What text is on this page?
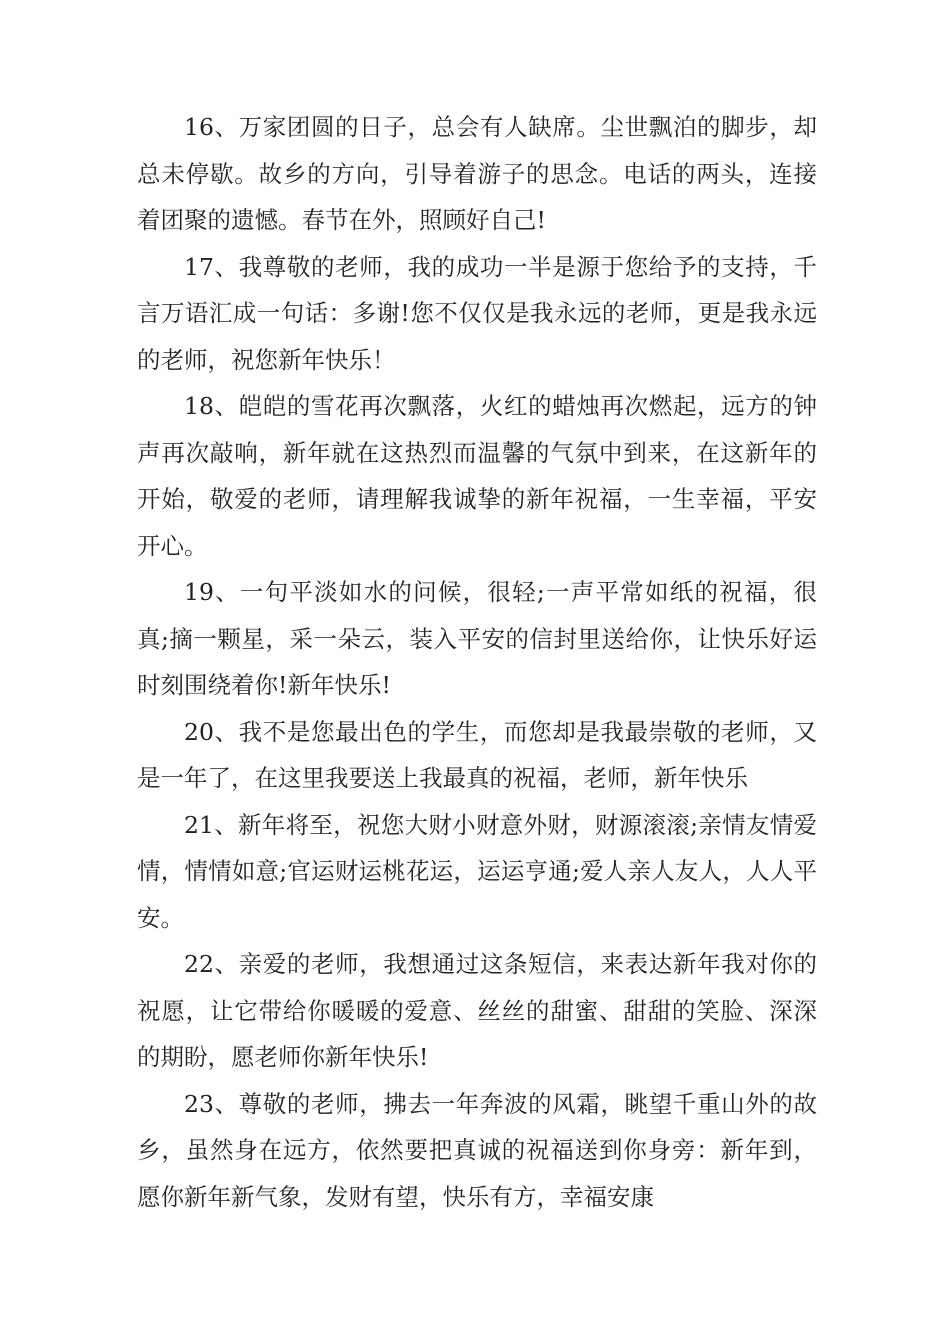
16、万家团圆的日子，总会有人缺席。尘世飘泊的脚步，却总未停歇。故乡的方向，引导着游子的思念。电话的两头，连接着团聚的遗憾。春节在外，照顾好自己!

17、我尊敬的老师，我的成功一半是源于您给予的支持，千言万语汇成一句话：多谢!您不仅仅是我永远的老师，更是我永远的老师，祝您新年快乐！

18、皑皑的雪花再次飘落，火红的蜡烛再次燃起，远方的钟声再次敲响，新年就在这热烈而温馨的气氛中到来，在这新年的开始，敬爱的老师，请理解我诚挚的新年祝福，一生幸福，平安开心。

19、一句平淡如水的问候，很轻;一声平常如纸的祝福，很真;摘一颗星，采一朵云，装入平安的信封里送给你，让快乐好运时刻围绕着你!新年快乐!

20、我不是您最出色的学生，而您却是我最崇敬的老师，又是一年了，在这里我要送上我最真的祝福，老师，新年快乐

21、新年将至，祝您大财小财意外财，财源滚滚;亲情友情爱情，情情如意;官运财运桃花运，运运亨通;爱人亲人友人，人人平安。

22、亲爱的老师，我想通过这条短信，来表达新年我对你的祝愿，让它带给你暖暖的爱意、丝丝的甜蜜、甜甜的笑脸、深深的期盼，愿老师你新年快乐!

23、尊敬的老师，拂去一年奔波的风霜，眺望千重山外的故乡，虽然身在远方，依然要把真诚的祝福送到你身旁：新年到，愿你新年新气象，发财有望，快乐有方，幸福安康
